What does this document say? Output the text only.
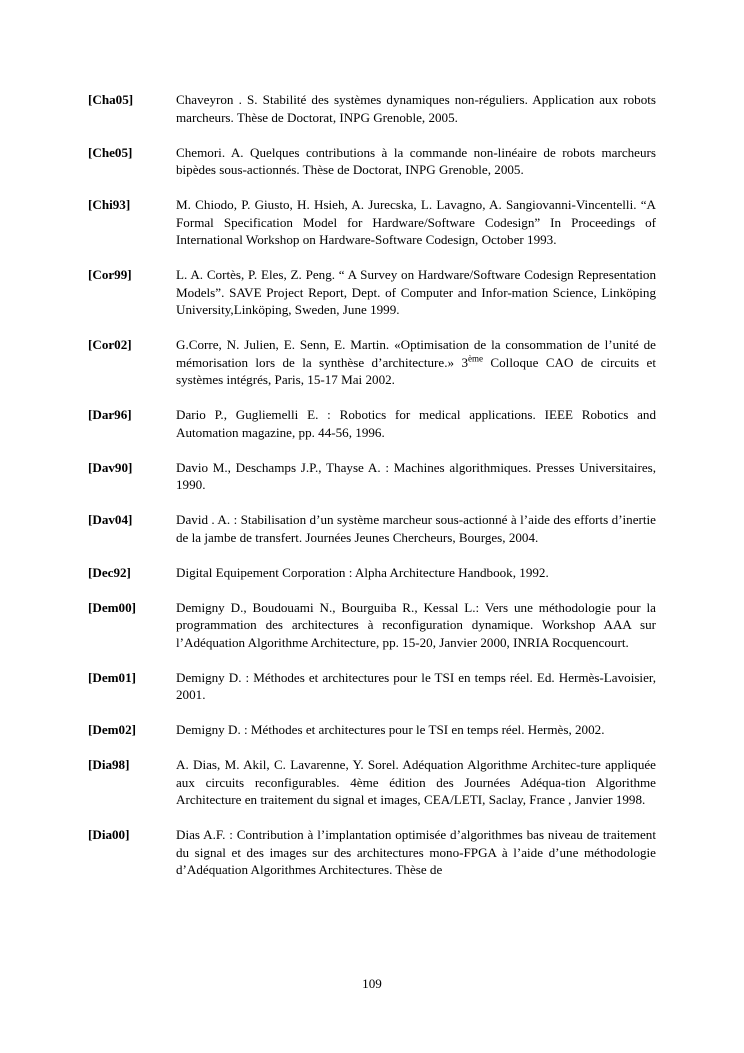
[Cha05]	Chaveyron . S. Stabilité des systèmes dynamiques non-réguliers. Application aux robots marcheurs. Thèse de Doctorat, INPG Grenoble, 2005.
[Che05]	Chemori. A. Quelques contributions à la commande non-linéaire de robots marcheurs bipèdes sous-actionnés. Thèse de Doctorat, INPG Grenoble, 2005.
[Chi93]	M. Chiodo, P. Giusto, H. Hsieh, A. Jurecska, L. Lavagno, A. Sangiovanni-Vincentelli. “A Formal Specification Model for Hardware/Software Codesign” In Proceedings of International Workshop on Hardware-Software Codesign, October 1993.
[Cor99]	L. A. Cortès, P. Eles, Z. Peng. “ A Survey on Hardware/Software Codesign Representation Models”. SAVE Project Report, Dept. of Computer and Infor-mation Science, Linköping University,Linköping, Sweden, June 1999.
[Cor02]	G.Corre, N. Julien, E. Senn, E. Martin. «Optimisation de la consommation de l’unité de mémorisation lors de la synthèse d’architecture.» 3ème Colloque CAO de circuits et systèmes intégrés, Paris, 15-17 Mai 2002.
[Dar96]	Dario P., Gugliemelli E. : Robotics for medical applications. IEEE Robotics and Automation magazine, pp. 44-56, 1996.
[Dav90]	Davio M., Deschamps J.P., Thayse A. : Machines algorithmiques. Presses Universitaires, 1990.
[Dav04]	David . A. : Stabilisation d’un système marcheur sous-actionné à l’aide des efforts d’inertie de la jambe de transfert. Journées Jeunes Chercheurs, Bourges, 2004.
[Dec92]	Digital Equipement Corporation : Alpha Architecture Handbook, 1992.
[Dem00]	Demigny D., Boudouami N., Bourguiba R., Kessal L.: Vers une méthodologie pour la programmation des architectures à reconfiguration dynamique. Workshop AAA sur l’Adéquation Algorithme Architecture, pp. 15-20, Janvier 2000, INRIA Rocquencourt.
[Dem01]	Demigny D. : Méthodes et architectures pour le TSI en temps réel. Ed. Hermès-Lavoisier, 2001.
[Dem02]	Demigny D. : Méthodes et architectures pour le TSI en temps réel. Hermès, 2002.
[Dia98]	A. Dias, M. Akil, C. Lavarenne, Y. Sorel. Adéquation Algorithme Architec-ture appliquée aux circuits reconfigurables. 4ème édition des Journées Adéqua-tion Algorithme Architecture en traitement du signal et images, CEA/LETI, Saclay, France , Janvier 1998.
[Dia00]	Dias A.F. : Contribution à l’implantation optimisée d’algorithmes bas niveau de traitement du signal et des images sur des architectures mono-FPGA à l’aide d’une méthodologie d’Adéquation Algorithmes Architectures. Thèse de
109
